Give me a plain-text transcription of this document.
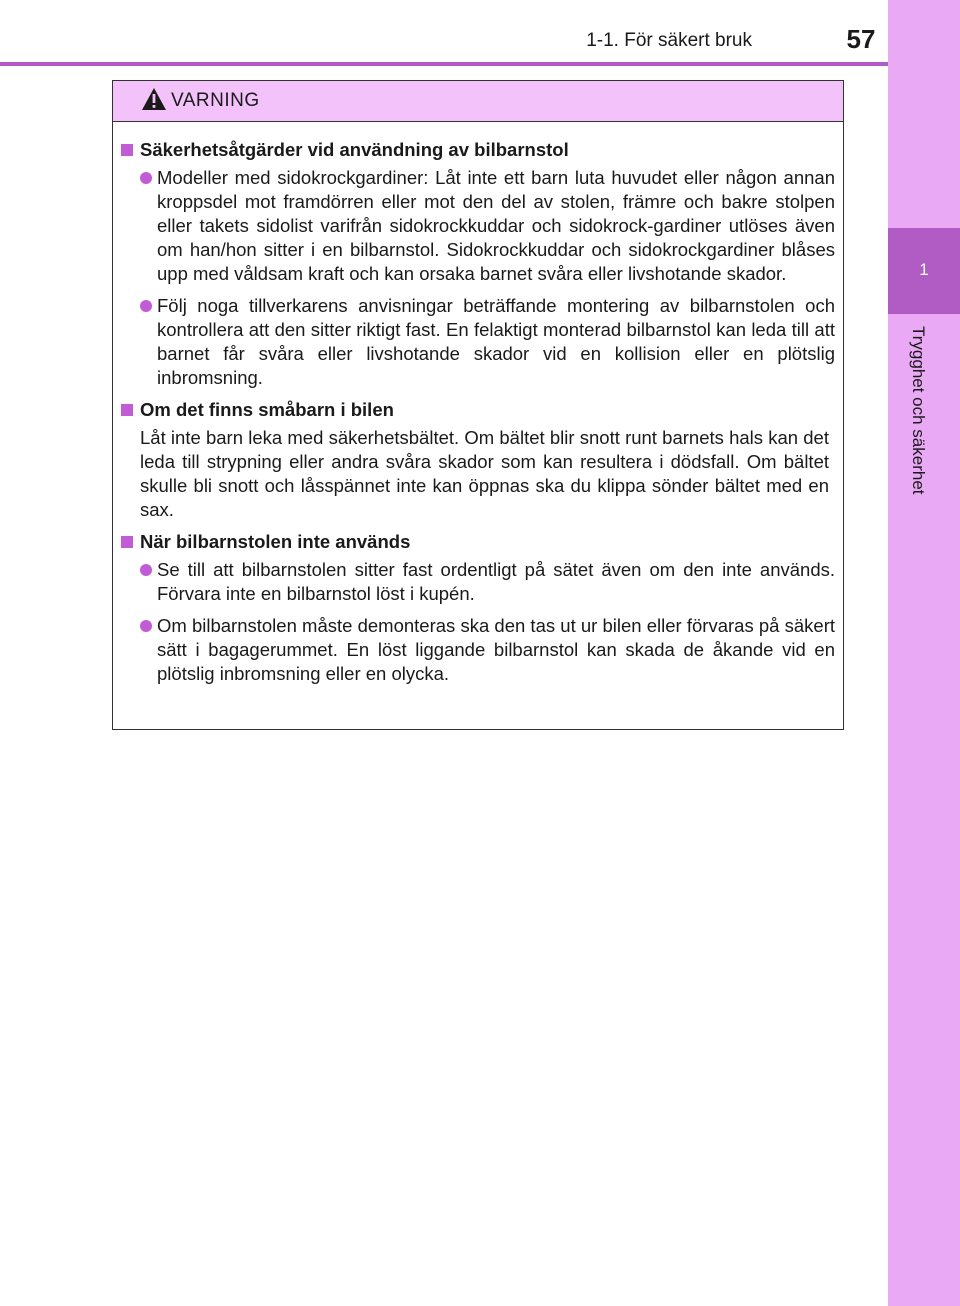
1-1. För säkert bruk	57
1
Trygghet och säkerhet
VARNING
Säkerhetsåtgärder vid användning av bilbarnstol
Modeller med sidokrockgardiner: Låt inte ett barn luta huvudet eller någon annan kroppsdel mot framdörren eller mot den del av stolen, främre och bakre stolpen eller takets sidolist varifrån sidokrockkuddar och sidokrock-gardiner utlöses även om han/hon sitter i en bilbarnstol. Sidokrockkuddar och sidokrockgardiner blåses upp med våldsam kraft och kan orsaka barnet svåra eller livshotande skador.
Följ noga tillverkarens anvisningar beträffande montering av bilbarnstolen och kontrollera att den sitter riktigt fast. En felaktigt monterad bilbarnstol kan leda till att barnet får svåra eller livshotande skador vid en kollision eller en plötslig inbromsning.
Om det finns småbarn i bilen
Låt inte barn leka med säkerhetsbältet. Om bältet blir snott runt barnets hals kan det leda till strypning eller andra svåra skador som kan resultera i dödsfall. Om bältet skulle bli snott och låsspännet inte kan öppnas ska du klippa sönder bältet med en sax.
När bilbarnstolen inte används
Se till att bilbarnstolen sitter fast ordentligt på sätet även om den inte används. Förvara inte en bilbarnstol löst i kupén.
Om bilbarnstolen måste demonteras ska den tas ut ur bilen eller förvaras på säkert sätt i bagagerummet. En löst liggande bilbarnstol kan skada de åkande vid en plötslig inbromsning eller en olycka.
